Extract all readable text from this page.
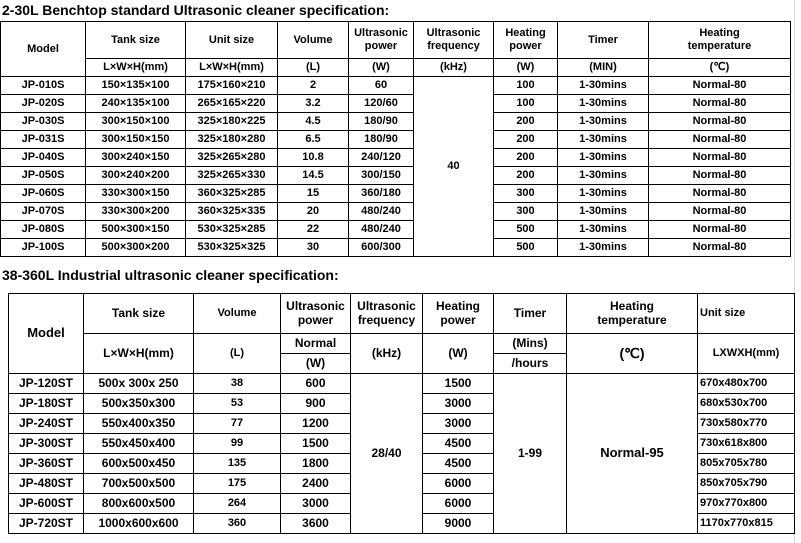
2-30L Benchtop standard Ultrasonic cleaner specification:
Model	Tank size	Unit size	Volume	Ultrasonic power	Ultrasonic frequency	Heating power	Timer	Heating temperature
	L×W×H(mm)	L×W×H(mm)	(L)	(W)	(kHz)	(W)	(MIN)	(℃)
JP-010S	150×135×100	175×160×210	2	60	40	100	1-30mins	Normal-80
JP-020S	240×135×100	265×165×220	3.2	120/60		100	1-30mins	Normal-80
JP-030S	300×150×100	325×180×225	4.5	180/90		200	1-30mins	Normal-80
JP-031S	300×150×150	325×180×280	6.5	180/90		200	1-30mins	Normal-80
JP-040S	300×240×150	325×265×280	10.8	240/120		200	1-30mins	Normal-80
JP-050S	300×240×200	325×265×330	14.5	300/150		200	1-30mins	Normal-80
JP-060S	330×300×150	360×325×285	15	360/180		300	1-30mins	Normal-80
JP-070S	330×300×200	360×325×335	20	480/240		300	1-30mins	Normal-80
JP-080S	500×300×150	530×325×285	22	480/240		500	1-30mins	Normal-80
JP-100S	500×300×200	530×325×325	30	600/300		500	1-30mins	Normal-80
38-360L Industrial ultrasonic cleaner specification:
Model	Tank size	Volume	Ultrasonic power	Ultrasonic frequency	Heating power	Timer	Heating temperature	Unit size
	L×W×H(mm)	(L)	Normal	(kHz)	(W)	(Mins)	(℃)	LXWXH(mm)
			(W)			/hours		
JP-120ST	500x 300x 250	38	600	28/40	1500	1-99	Normal-95	670x480x700
JP-180ST	500x350x300	53	900		3000			680x530x700
JP-240ST	550x400x350	77	1200		3000			730x580x770
JP-300ST	550x450x400	99	1500		4500			730x618x800
JP-360ST	600x500x450	135	1800		4500			805x705x780
JP-480ST	700x500x500	175	2400		6000			850x705x790
JP-600ST	800x600x500	264	3000		6000			970x770x800
JP-720ST	1000x600x600	360	3600		9000			1170x770x815
